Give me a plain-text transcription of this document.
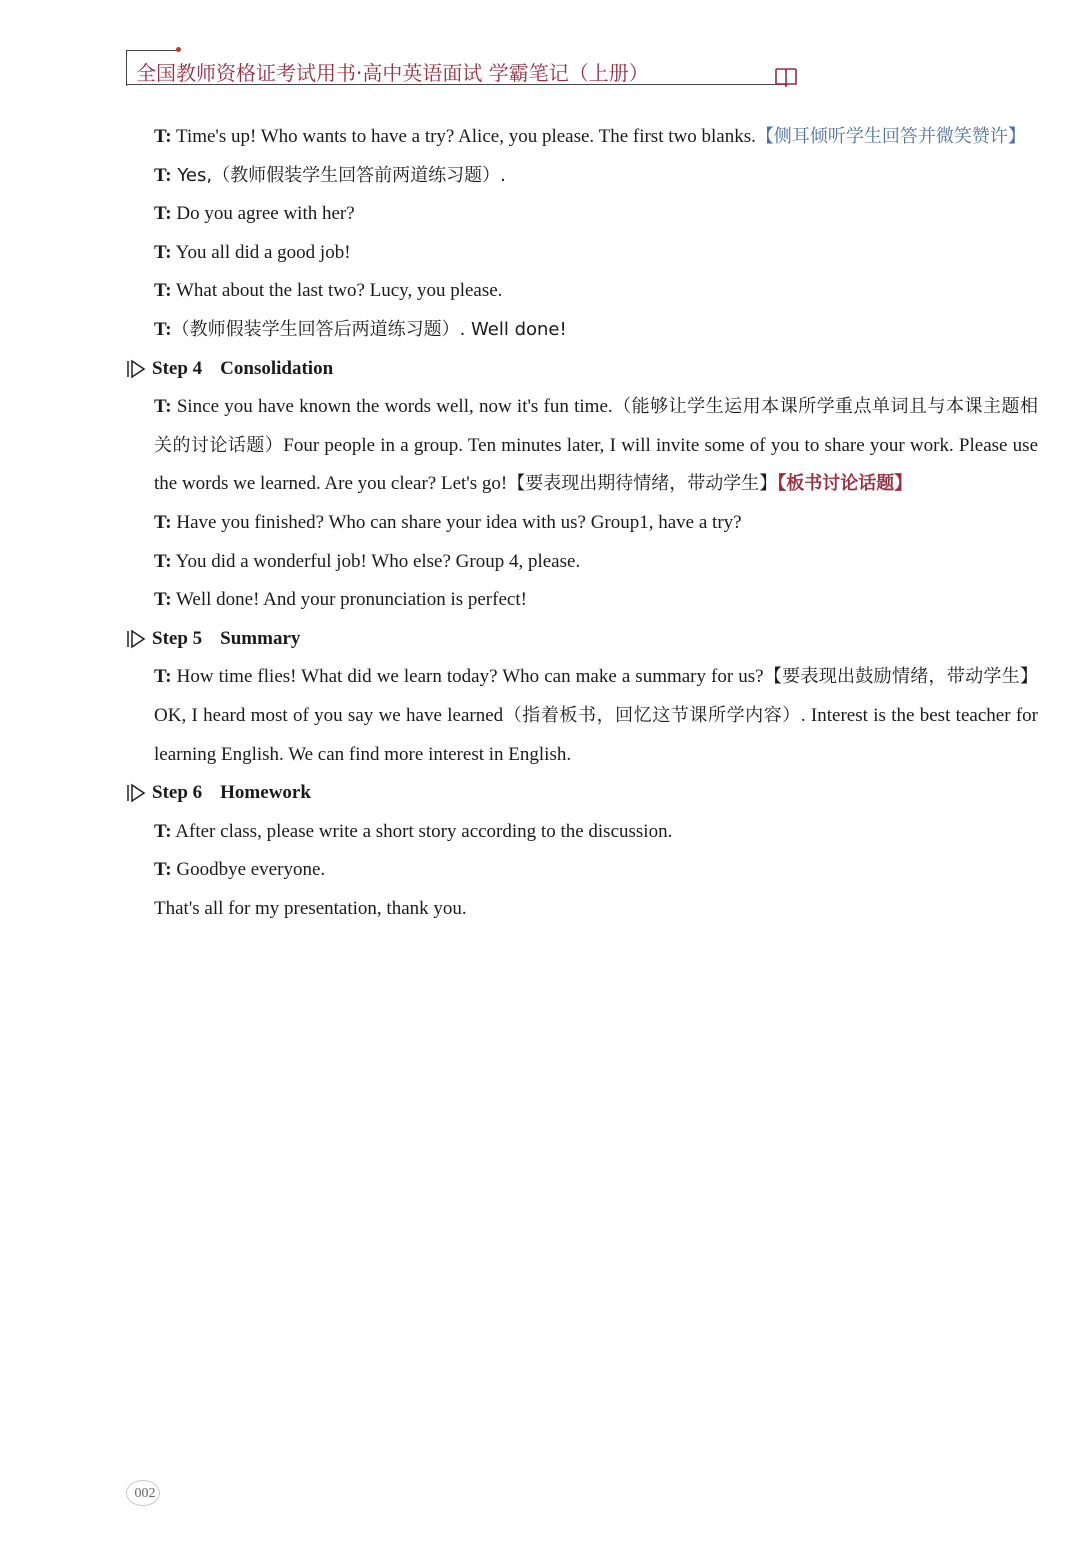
全国教师资格证考试用书·高中英语面试 学霸笔记（上册）

T: Time's up! Who wants to have a try? Alice, you please. The first two blanks.【侧耳倾听学生回答并微笑赞许】

T: Yes,（教师假装学生回答前两道练习题）.

T: Do you agree with her?

T: You all did a good job!

T: What about the last two? Lucy, you please.

T:（教师假装学生回答后两道练习题）. Well done!

Step 4 Consolidation

T: Since you have known the words well, now it's fun time.（能够让学生运用本课所学重点单词且与本课主题相关的讨论话题）Four people in a group. Ten minutes later, I will invite some of you to share your work. Please use the words we learned. Are you clear? Let's go!【要表现出期待情绪，带动学生】【板书讨论话题】

T: Have you finished? Who can share your idea with us? Group1, have a try?

T: You did a wonderful job! Who else? Group 4, please.

T: Well done! And your pronunciation is perfect!

Step 5 Summary

T: How time flies! What did we learn today? Who can make a summary for us?【要表现出鼓励情绪，带动学生】OK, I heard most of you say we have learned（指着板书，回忆这节课所学内容）. Interest is the best teacher for learning English. We can find more interest in English.

Step 6 Homework

T: After class, please write a short story according to the discussion.

T: Goodbye everyone.

That's all for my presentation, thank you.

002
